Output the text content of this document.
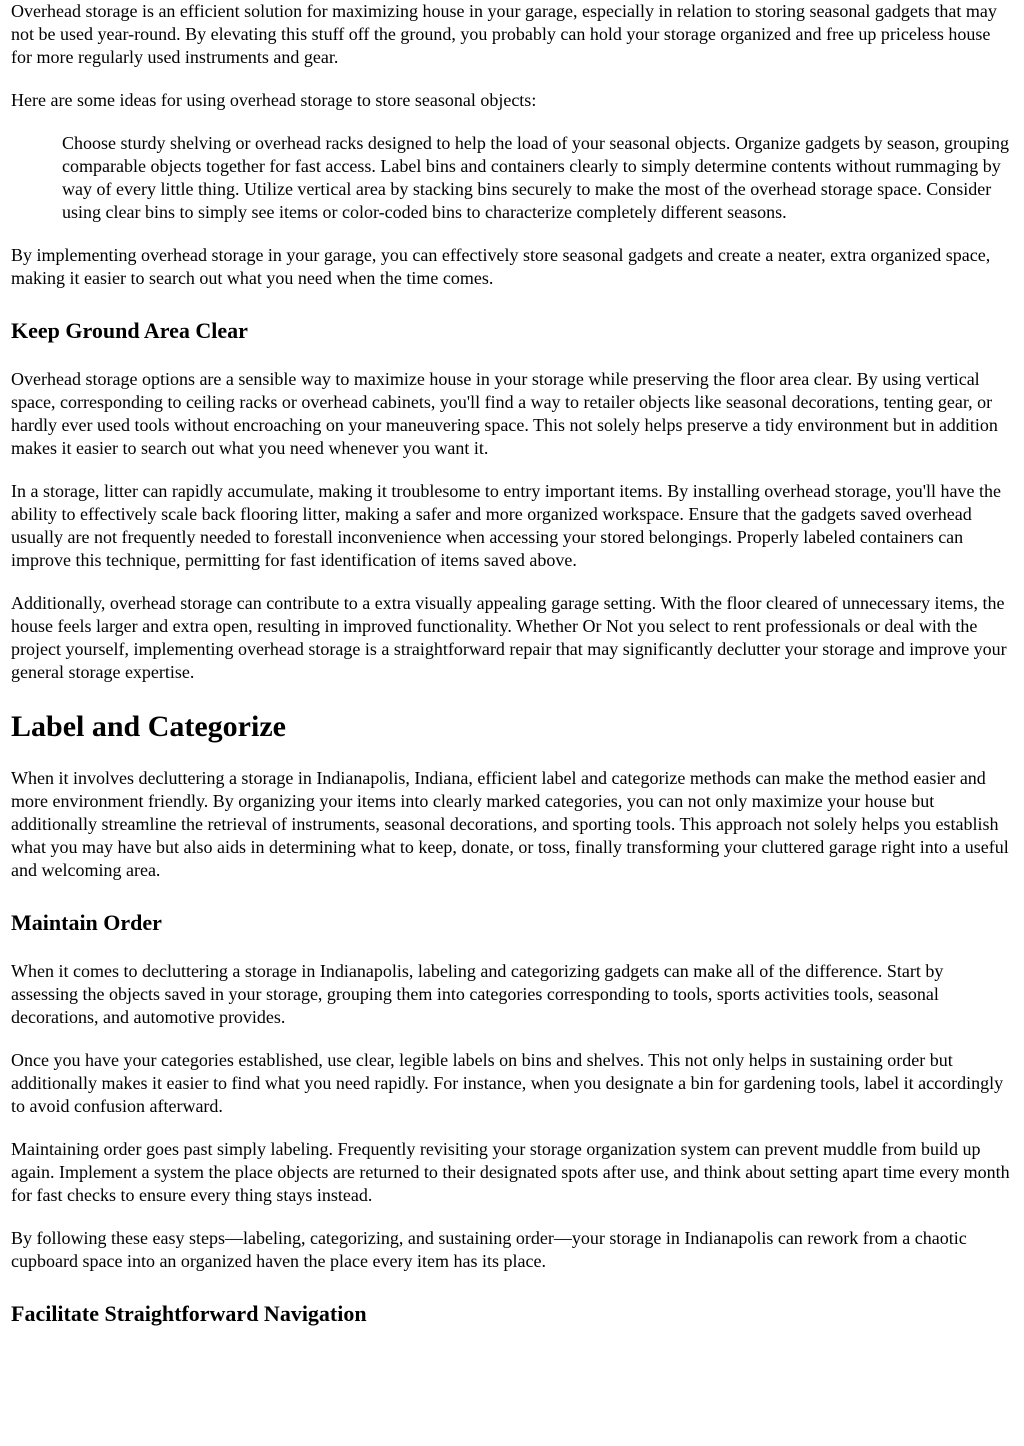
Overhead storage is an efficient solution for maximizing house in your garage, especially in relation to storing seasonal gadgets that may not be used year-round. By elevating this stuff off the ground, you probably can hold your storage organized and free up priceless house for more regularly used instruments and gear.

Here are some ideas for using overhead storage to store seasonal objects:

Choose sturdy shelving or overhead racks designed to help the load of your seasonal objects. Organize gadgets by season, grouping comparable objects together for fast access. Label bins and containers clearly to simply determine contents without rummaging by way of every little thing. Utilize vertical area by stacking bins securely to make the most of the overhead storage space. Consider using clear bins to simply see items or color-coded bins to characterize completely different seasons.

By implementing overhead storage in your garage, you can effectively store seasonal gadgets and create a neater, extra organized space, making it easier to search out what you need when the time comes.

Keep Ground Area Clear

Overhead storage options are a sensible way to maximize house in your storage while preserving the floor area clear. By using vertical space, corresponding to ceiling racks or overhead cabinets, you'll find a way to retailer objects like seasonal decorations, tenting gear, or hardly ever used tools without encroaching on your maneuvering space. This not solely helps preserve a tidy environment but in addition makes it easier to search out what you need whenever you want it.

In a storage, litter can rapidly accumulate, making it troublesome to entry important items. By installing overhead storage, you'll have the ability to effectively scale back flooring litter, making a safer and more organized workspace. Ensure that the gadgets saved overhead usually are not frequently needed to forestall inconvenience when accessing your stored belongings. Properly labeled containers can improve this technique, permitting for fast identification of items saved above.

Additionally, overhead storage can contribute to a extra visually appealing garage setting. With the floor cleared of unnecessary items, the house feels larger and extra open, resulting in improved functionality. Whether Or Not you select to rent professionals or deal with the project yourself, implementing overhead storage is a straightforward repair that may significantly declutter your storage and improve your general storage expertise.

Label and Categorize

When it involves decluttering a storage in Indianapolis, Indiana, efficient label and categorize methods can make the method easier and more environment friendly. By organizing your items into clearly marked categories, you can not only maximize your house but additionally streamline the retrieval of instruments, seasonal decorations, and sporting tools. This approach not solely helps you establish what you may have but also aids in determining what to keep, donate, or toss, finally transforming your cluttered garage right into a useful and welcoming area.

Maintain Order

When it comes to decluttering a storage in Indianapolis, labeling and categorizing gadgets can make all of the difference. Start by assessing the objects saved in your storage, grouping them into categories corresponding to tools, sports activities tools, seasonal decorations, and automotive provides.

Once you have your categories established, use clear, legible labels on bins and shelves. This not only helps in sustaining order but additionally makes it easier to find what you need rapidly. For instance, when you designate a bin for gardening tools, label it accordingly to avoid confusion afterward.

Maintaining order goes past simply labeling. Frequently revisiting your storage organization system can prevent muddle from build up again. Implement a system the place objects are returned to their designated spots after use, and think about setting apart time every month for fast checks to ensure every thing stays instead.

By following these easy steps—labeling, categorizing, and sustaining order—your storage in Indianapolis can rework from a chaotic cupboard space into an organized haven the place every item has its place.

Facilitate Straightforward Navigation
